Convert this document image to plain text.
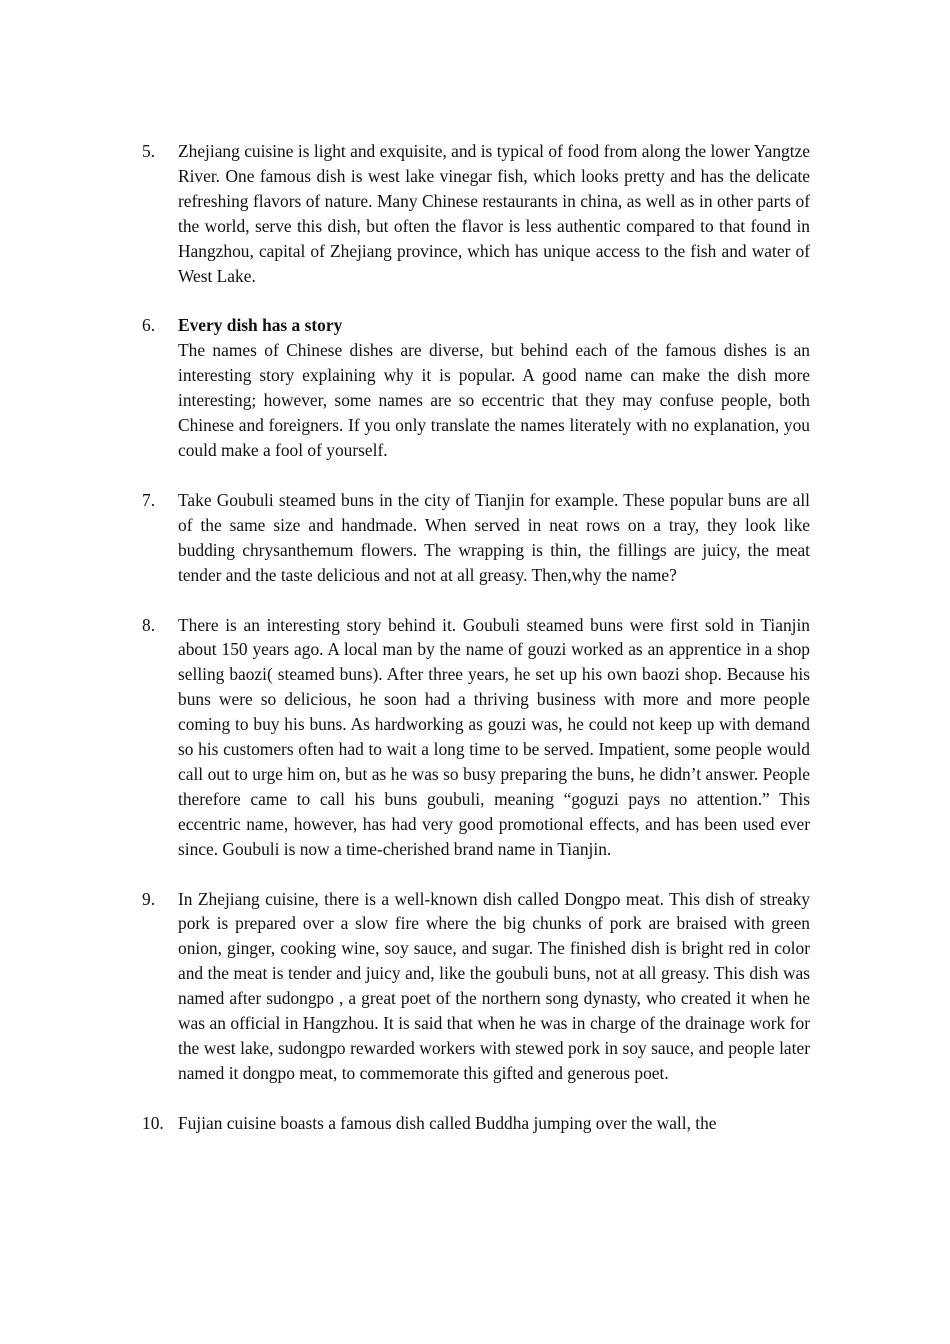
5.	Zhejiang cuisine is light and exquisite, and is typical of food from along the lower Yangtze River. One famous dish is west lake vinegar fish, which looks pretty and has the delicate refreshing flavors of nature. Many Chinese restaurants in china, as well as in other parts of the world, serve this dish, but often the flavor is less authentic compared to that found in Hangzhou, capital of Zhejiang province, which has unique access to the fish and water of West Lake.
6.	Every dish has a story
The names of Chinese dishes are diverse, but behind each of the famous dishes is an interesting story explaining why it is popular. A good name can make the dish more interesting; however, some names are so eccentric that they may confuse people, both Chinese and foreigners. If you only translate the names literately with no explanation, you could make a fool of yourself.
7.	Take Goubuli steamed buns in the city of Tianjin for example. These popular buns are all of the same size and handmade. When served in neat rows on a tray, they look like budding chrysanthemum flowers. The wrapping is thin, the fillings are juicy, the meat tender and the taste delicious and not at all greasy. Then,why the name?
8.	There is an interesting story behind it. Goubuli steamed buns were first sold in Tianjin about 150 years ago. A local man by the name of gouzi worked as an apprentice in a shop selling baozi( steamed buns). After three years, he set up his own baozi shop. Because his buns were so delicious, he soon had a thriving business with more and more people coming to buy his buns. As hardworking as gouzi was, he could not keep up with demand so his customers often had to wait a long time to be served. Impatient, some people would call out to urge him on, but as he was so busy preparing the buns, he didn’t answer. People therefore came to call his buns goubuli, meaning “goguzi pays no attention.” This eccentric name, however, has had very good promotional effects, and has been used ever since. Goubuli is now a time-cherished brand name in Tianjin.
9.	In Zhejiang cuisine, there is a well-known dish called Dongpo meat. This dish of streaky pork is prepared over a slow fire where the big chunks of pork are braised with green onion, ginger, cooking wine, soy sauce, and sugar. The finished dish is bright red in color and the meat is tender and juicy and, like the goubuli buns, not at all greasy. This dish was named after sudongpo , a great poet of the northern song dynasty, who created it when he was an official in Hangzhou. It is said that when he was in charge of the drainage work for the west lake, sudongpo rewarded workers with stewed pork in soy sauce, and people later named it dongpo meat, to commemorate this gifted and generous poet.
10. Fujian cuisine boasts a famous dish called Buddha jumping over the wall, the
